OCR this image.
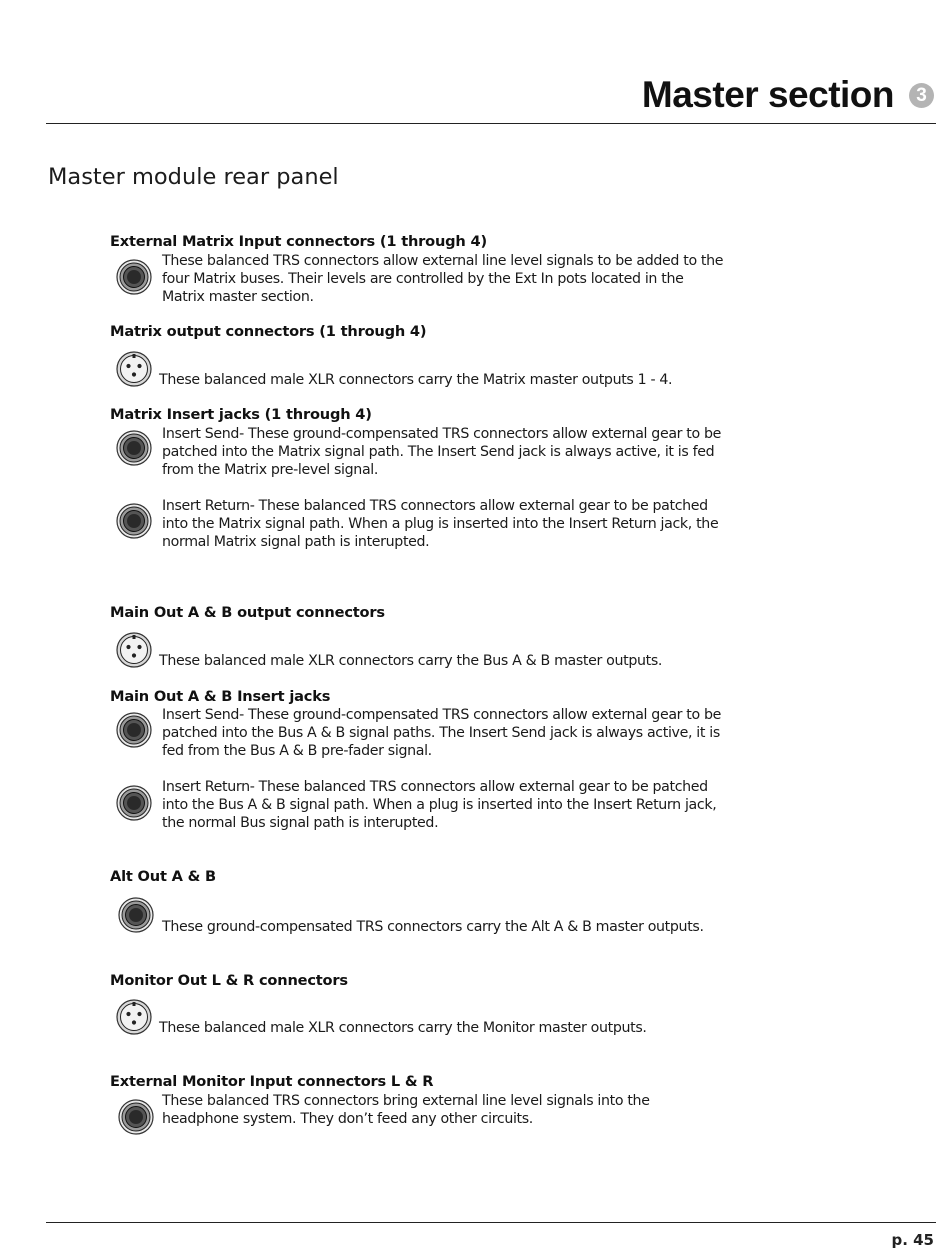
Master section	3
Master module rear panel
External Matrix Input connectors (1 through 4)
These balanced TRS connectors allow external line level signals to be added to the four Matrix buses. Their levels are controlled by the Ext In pots located in the Matrix master section.
Matrix output connectors (1 through 4)
These balanced male XLR connectors carry the Matrix master outputs 1 - 4.
Matrix Insert jacks (1 through 4)
Insert Send- These ground-compensated TRS connectors allow external gear to be patched into the Matrix signal path. The Insert Send jack is always active, it is fed from the Matrix pre-level signal.
Insert Return- These balanced TRS connectors allow external gear to be patched into the Matrix signal path. When a plug is inserted into the Insert Return jack, the normal Matrix signal path is interupted.
Main Out A & B output connectors
These balanced male XLR connectors carry the Bus A & B master outputs.
Main Out A & B Insert jacks
Insert Send- These ground-compensated TRS connectors allow external gear to be patched into the Bus A & B signal paths. The Insert Send jack is always active, it is fed from the Bus A & B pre-fader signal.
Insert Return- These balanced TRS connectors allow external gear to be patched into the Bus A & B signal path. When a plug is inserted into the Insert Return jack, the normal Bus signal path is interupted.
Alt Out A & B
These ground-compensated TRS connectors carry the Alt A & B master outputs.
Monitor Out L & R connectors
These balanced male XLR connectors carry the Monitor master outputs.
External Monitor Input connectors L & R
These balanced TRS connectors bring external line level signals into the headphone system. They don’t feed any other circuits.
p. 45
